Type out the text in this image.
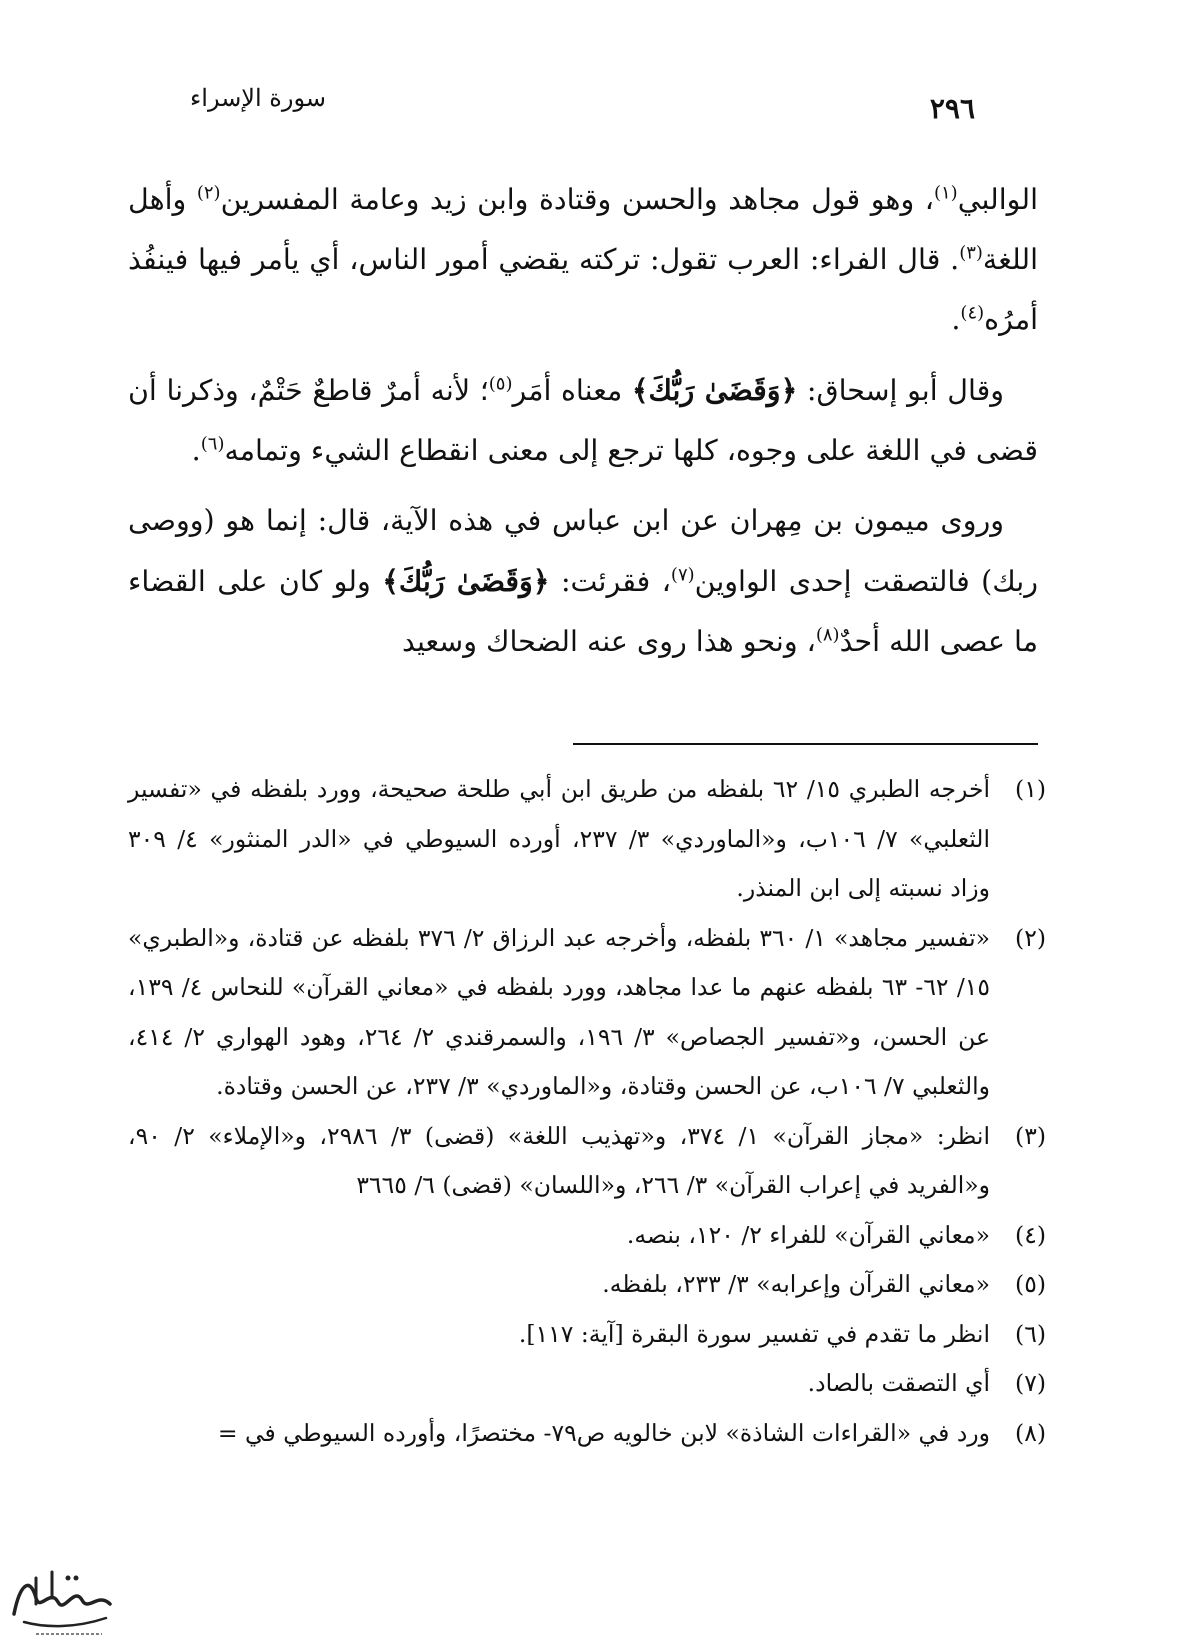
٢٩٦
سورة الإسراء

الوالبي$^{(١)}$، وهو قول مجاهد والحسن وقتادة وابن زيد وعامة المفسرين$^{(٢)}$ وأهل اللغة$^{(٣)}$. قال الفراء: العرب تقول: تركته يقضي أمور الناس، أي يأمر فيها فينفُذ أمرُه$^{(٤)}$.

وقال أبو إسحاق: ﴿وَقَضَىٰ رَبُّكَ﴾ معناه أمَر$^{(٥)}$؛ لأنه أمرٌ قاطعٌ حَتْمٌ، وذكرنا أن قضى في اللغة على وجوه، كلها ترجع إلى معنى انقطاع الشيء وتمامه$^{(٦)}$.

وروى ميمون بن مِهران عن ابن عباس في هذه الآية، قال: إنما هو (ووصى ربك) فالتصقت إحدى الواوين$^{(٧)}$، فقرئت: ﴿وَقَضَىٰ رَبُّكَ﴾ ولو كان على القضاء ما عصى الله أحدٌ$^{(٨)}$، ونحو هذا روى عنه الضحاك وسعيد

(١)
أخرجه الطبري ١٥/ ٦٢ بلفظه من طريق ابن أبي طلحة صحيحة، وورد بلفظه في «تفسير الثعلبي» ٧/ ١٠٦ب، و«الماوردي» ٣/ ٢٣٧، أورده السيوطي في «الدر المنثور» ٤/ ٣٠٩ وزاد نسبته إلى ابن المنذر.
(٢)
«تفسير مجاهد» ١/ ٣٦٠ بلفظه، وأخرجه عبد الرزاق ٢/ ٣٧٦ بلفظه عن قتادة، و«الطبري» ١٥/ ٦٢- ٦٣ بلفظه عنهم ما عدا مجاهد، وورد بلفظه في «معاني القرآن» للنحاس ٤/ ١٣٩، عن الحسن، و«تفسير الجصاص» ٣/ ١٩٦، والسمرقندي ٢/ ٢٦٤، وهود الهواري ٢/ ٤١٤، والثعلبي ٧/ ١٠٦ب، عن الحسن وقتادة، و«الماوردي» ٣/ ٢٣٧، عن الحسن وقتادة.
(٣)
انظر: «مجاز القرآن» ١/ ٣٧٤، و«تهذيب اللغة» (قضى) ٣/ ٢٩٨٦، و«الإملاء» ٢/ ٩٠، و«الفريد في إعراب القرآن» ٣/ ٢٦٦، و«اللسان» (قضى) ٦/ ٣٦٦٥
(٤)
«معاني القرآن» للفراء ٢/ ١٢٠، بنصه.
(٥)
«معاني القرآن وإعرابه» ٣/ ٢٣٣، بلفظه.
(٦)
انظر ما تقدم في تفسير سورة البقرة [آية: ١١٧].
(٧)
أي التصقت بالصاد.
(٨)
ورد في «القراءات الشاذة» لابن خالويه ص٧٩- مختصرًا، وأورده السيوطي في =
